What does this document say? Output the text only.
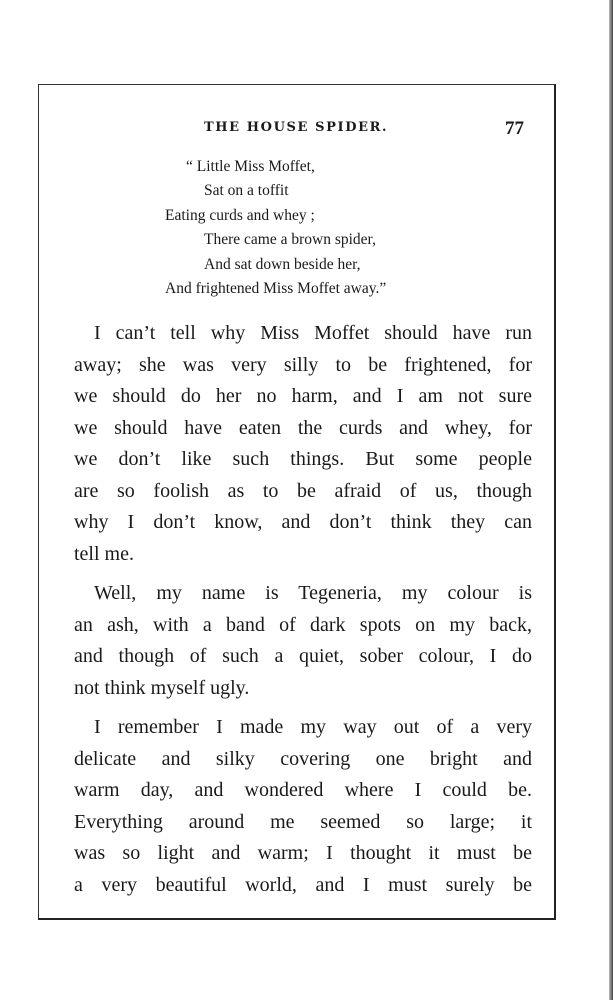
THE HOUSE SPIDER.	77
“ Little Miss Moffet,
Sat on a toffit
Eating curds and whey ;
There came a brown spider,
And sat down beside her,
And frightened Miss Moffet away.”

I can’t tell why Miss Moffet should have run
away; she was very silly to be frightened, for
we should do her no harm, and I am not sure
we should have eaten the curds and whey, for
we don’t like such things. But some people
are so foolish as to be afraid of us, though
why I don’t know, and don’t think they can
tell me.

Well, my name is Tegeneria, my colour is
an ash, with a band of dark spots on my back,
and though of such a quiet, sober colour, I do
not think myself ugly.

I remember I made my way out of a very
delicate and silky covering one bright and
warm day, and wondered where I could be.
Everything around me seemed so large; it
was so light and warm; I thought it must be
a very beautiful world, and I must surely be
